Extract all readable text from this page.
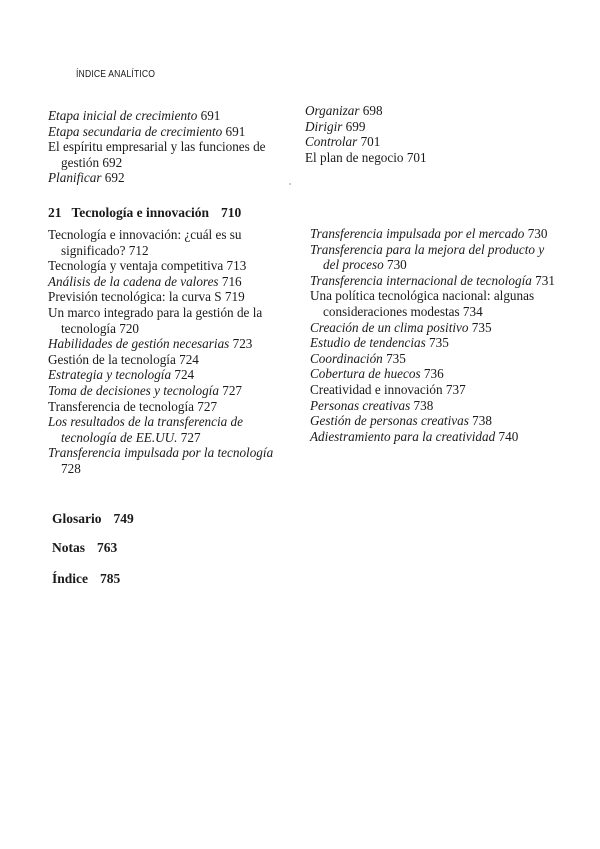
ÍNDICE ANALÍTICO

Etapa inicial de crecimiento 691

Etapa secundaria de crecimiento 691

El espíritu empresarial y las funciones de gestión 692

Planificar 692

Organizar 698

Dirigir 699

Controlar 701

El plan de negocio 701

21 Tecnología e innovación 710

Tecnología e innovación: ¿cuál es su significado? 712

Tecnología y ventaja competitiva 713

Análisis de la cadena de valores 716

Previsión tecnológica: la curva S 719

Un marco integrado para la gestión de la tecnología 720

Habilidades de gestión necesarias 723

Gestión de la tecnología 724

Estrategia y tecnología 724

Toma de decisiones y tecnología 727

Transferencia de tecnología 727

Los resultados de la transferencia de tecnología de EE.UU. 727

Transferencia impulsada por la tecnología 728

Transferencia impulsada por el mercado 730

Transferencia para la mejora del producto y del proceso 730

Transferencia internacional de tecnología 731

Una política tecnológica nacional: algunas consideraciones modestas 734

Creación de un clima positivo 735

Estudio de tendencias 735

Coordinación 735

Cobertura de huecos 736

Creatividad e innovación 737

Personas creativas 738

Gestión de personas creativas 738

Adiestramiento para la creatividad 740

Glosario 749
Notas 763
Índice 785
